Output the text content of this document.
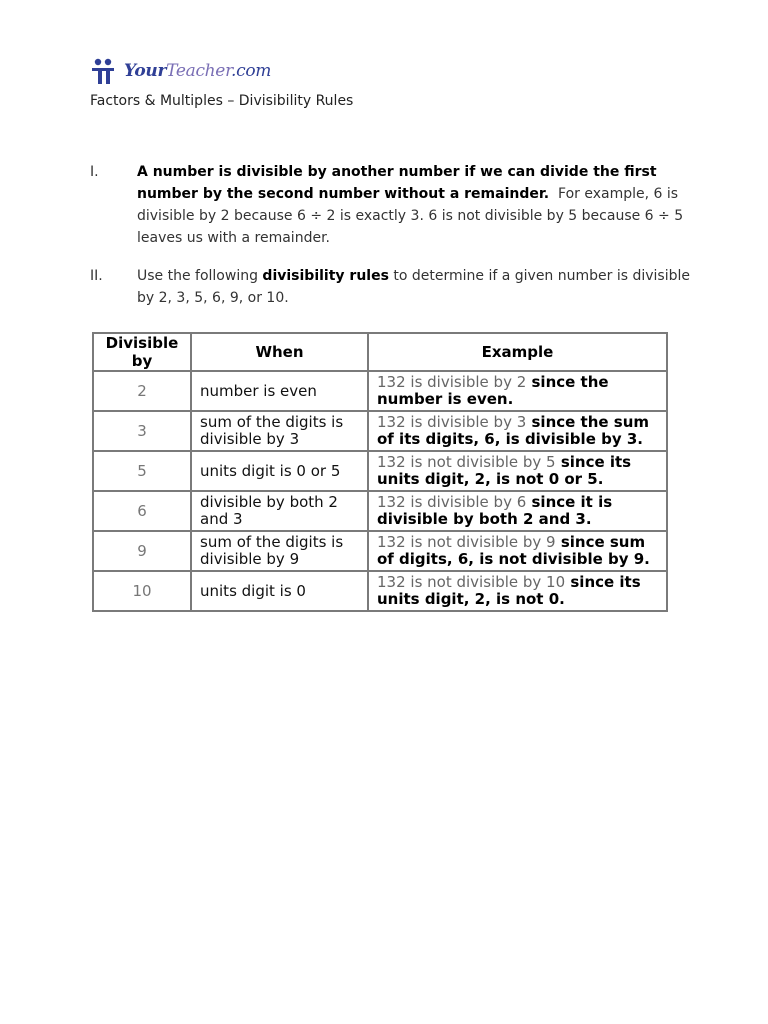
YourTeacher.com
Factors & Multiples – Divisibility Rules
I.	A number is divisible by another number if we can divide the first number by the second number without a remainder. For example, 6 is divisible by 2 because 6 ÷ 2 is exactly 3. 6 is not divisible by 5 because 6 ÷ 5 leaves us with a remainder.
II.	Use the following divisibility rules to determine if a given number is divisible by 2, 3, 5, 6, 9, or 10.
Divisible by	When	Example
2	number is even	132 is divisible by 2 since the number is even.
3	sum of the digits is divisible by 3	132 is divisible by 3 since the sum of its digits, 6, is divisible by 3.
5	units digit is 0 or 5	132 is not divisible by 5 since its units digit, 2, is not 0 or 5.
6	divisible by both 2 and 3	132 is divisible by 6 since it is divisible by both 2 and 3.
9	sum of the digits is divisible by 9	132 is not divisible by 9 since sum of digits, 6, is not divisible by 9.
10	units digit is 0	132 is not divisible by 10 since its units digit, 2, is not 0.
